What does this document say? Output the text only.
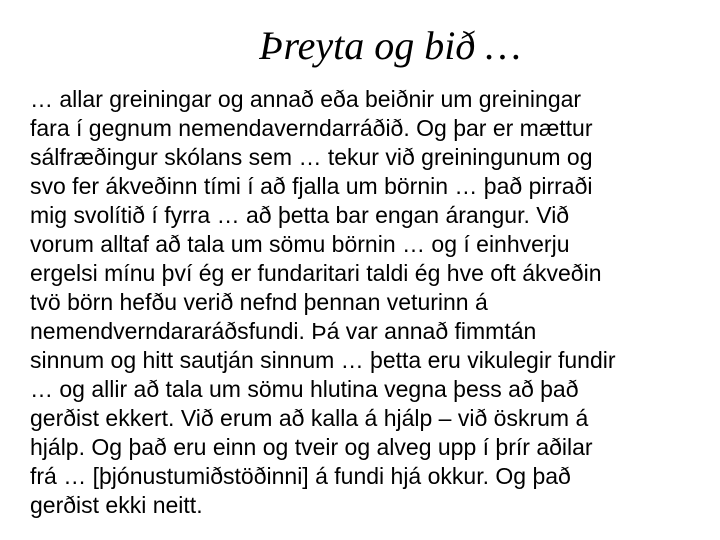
Þreyta og bið …
… allar greiningar og annað eða beiðnir um greiningar
fara í gegnum nemendaverndarráðið. Og þar er mættur
sálfræðingur skólans sem … tekur við greiningunum og
svo fer ákveðinn tími í að fjalla um börnin … það pirraði
mig svolítið í fyrra … að þetta bar engan árangur. Við
vorum alltaf að tala um sömu börnin … og í einhverju
ergelsi mínu því ég er fundaritari taldi ég hve oft ákveðin
tvö börn hefðu verið nefnd þennan veturinn á
nemendverndararáðsfundi. Þá var annað fimmtán
sinnum og hitt sautján sinnum … þetta eru vikulegir fundir
… og allir að tala um sömu hlutina vegna þess að það
gerðist ekkert. Við erum að kalla á hjálp – við öskrum á
hjálp. Og það eru einn og tveir og alveg upp í þrír aðilar
frá … [þjónustumiðstöðinni] á fundi hjá okkur. Og það
gerðist ekki neitt.
